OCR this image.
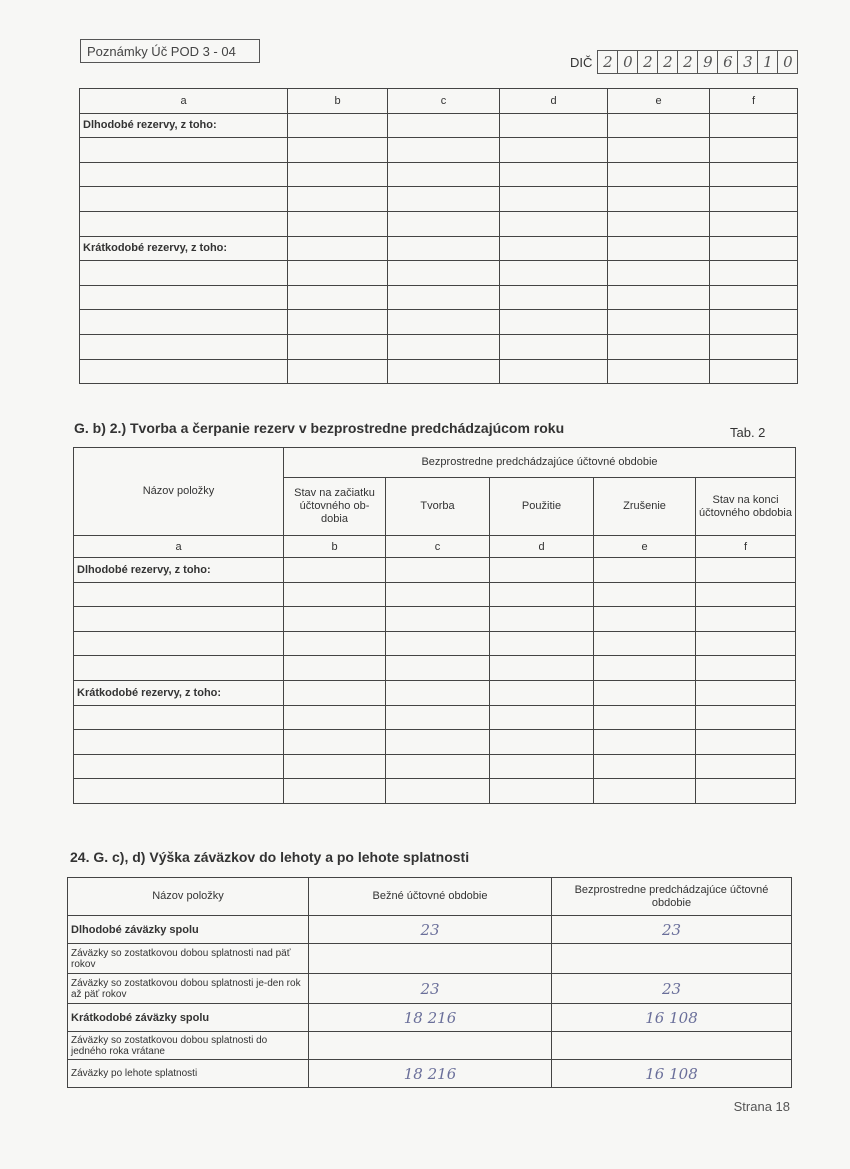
Poznámky Úč POD 3 - 04
DIČ 2 0 2 2 2 9 6 3 1 0
a	b	c	d	e	f
Dlhodobé rezervy, z toho:					

Krátkodobé rezervy, z toho:					

G. b) 2.) Tvorba a čerpanie rezerv v bezprostredne predchádzajúcom roku	Tab. 2
Názov položky	Bezprostredne predchádzajúce účtovné obdobie				
	Stav na začiatku účtovného ob-dobia	Tvorba	Použitie	Zrušenie	Stav na konci účtovného obdobia
a	b	c	d	e	f
Dlhodobé rezervy, z toho:					

Krátkodobé rezervy, z toho:					

24. G. c), d) Výška záväzkov do lehoty a po lehote splatnosti
Názov položky	Bežné účtovné obdobie	Bezprostredne predchádzajúce účtovné obdobie
Dlhodobé záväzky spolu	23	23
Záväzky so zostatkovou dobou splatnosti nad päť rokov		
Záväzky so zostatkovou dobou splatnosti je-den rok až päť rokov	23	23
Krátkodobé záväzky spolu	18 216	16 108
Záväzky so zostatkovou dobou splatnosti do jedného roka vrátane		
Záväzky po lehote splatnosti	18 216	16 108
Strana 18
